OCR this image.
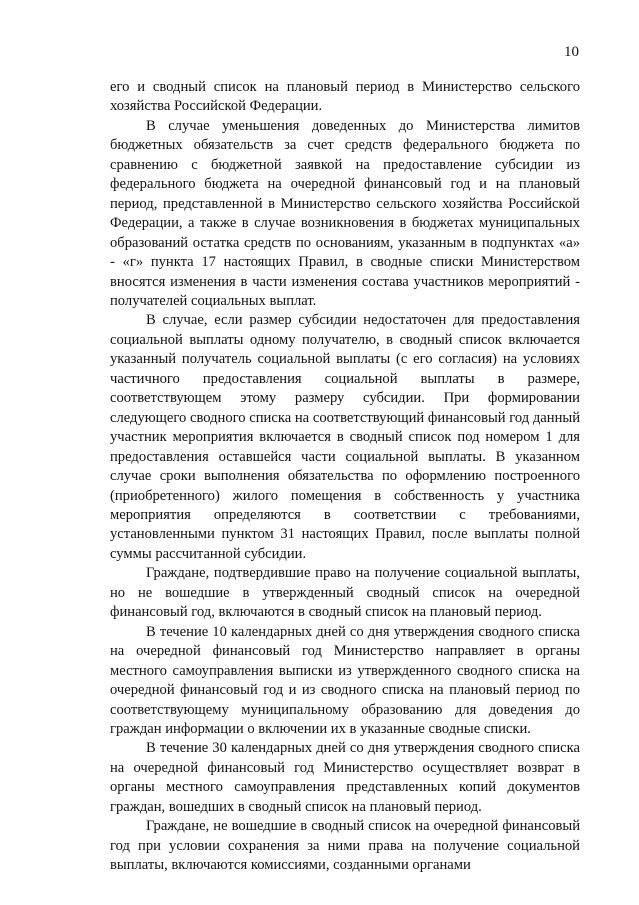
10

его и сводный список на плановый период в Министерство сельского хозяйства Российской Федерации.

В случае уменьшения доведенных до Министерства лимитов бюджетных обязательств за счет средств федерального бюджета по сравнению с бюджетной заявкой на предоставление субсидии из федерального бюджета на очередной финансовый год и на плановый период, представленной в Министерство сельского хозяйства Российской Федерации, а также в случае возникновения в бюджетах муниципальных образований остатка средств по основаниям, указанным в подпунктах «а» - «г» пункта 17 настоящих Правил, в сводные списки Министерством вносятся изменения в части изменения состава участников мероприятий - получателей социальных выплат.

В случае, если размер субсидии недостаточен для предоставления социальной выплаты одному получателю, в сводный список включается указанный получатель социальной выплаты (с его согласия) на условиях частичного предоставления социальной выплаты в размере, соответствующем этому размеру субсидии. При формировании следующего сводного списка на соответствующий финансовый год данный участник мероприятия включается в сводный список под номером 1 для предоставления оставшейся части социальной выплаты. В указанном случае сроки выполнения обязательства по оформлению построенного (приобретенного) жилого помещения в собственность у участника мероприятия определяются в соответствии с требованиями, установленными пунктом 31 настоящих Правил, после выплаты полной суммы рассчитанной субсидии.

Граждане, подтвердившие право на получение социальной выплаты, но не вошедшие в утвержденный сводный список на очередной финансовый год, включаются в сводный список на плановый период.

В течение 10 календарных дней со дня утверждения сводного списка на очередной финансовый год Министерство направляет в органы местного самоуправления выписки из утвержденного сводного списка на очередной финансовый год и из сводного списка на плановый период по соответствующему муниципальному образованию для доведения до граждан информации о включении их в указанные сводные списки.

В течение 30 календарных дней со дня утверждения сводного списка на очередной финансовый год Министерство осуществляет возврат в органы местного самоуправления представленных копий документов граждан, вошедших в сводный список на плановый период.

Граждане, не вошедшие в сводный список на очередной финансовый год при условии сохранения за ними права на получение социальной выплаты, включаются комиссиями, созданными органами
